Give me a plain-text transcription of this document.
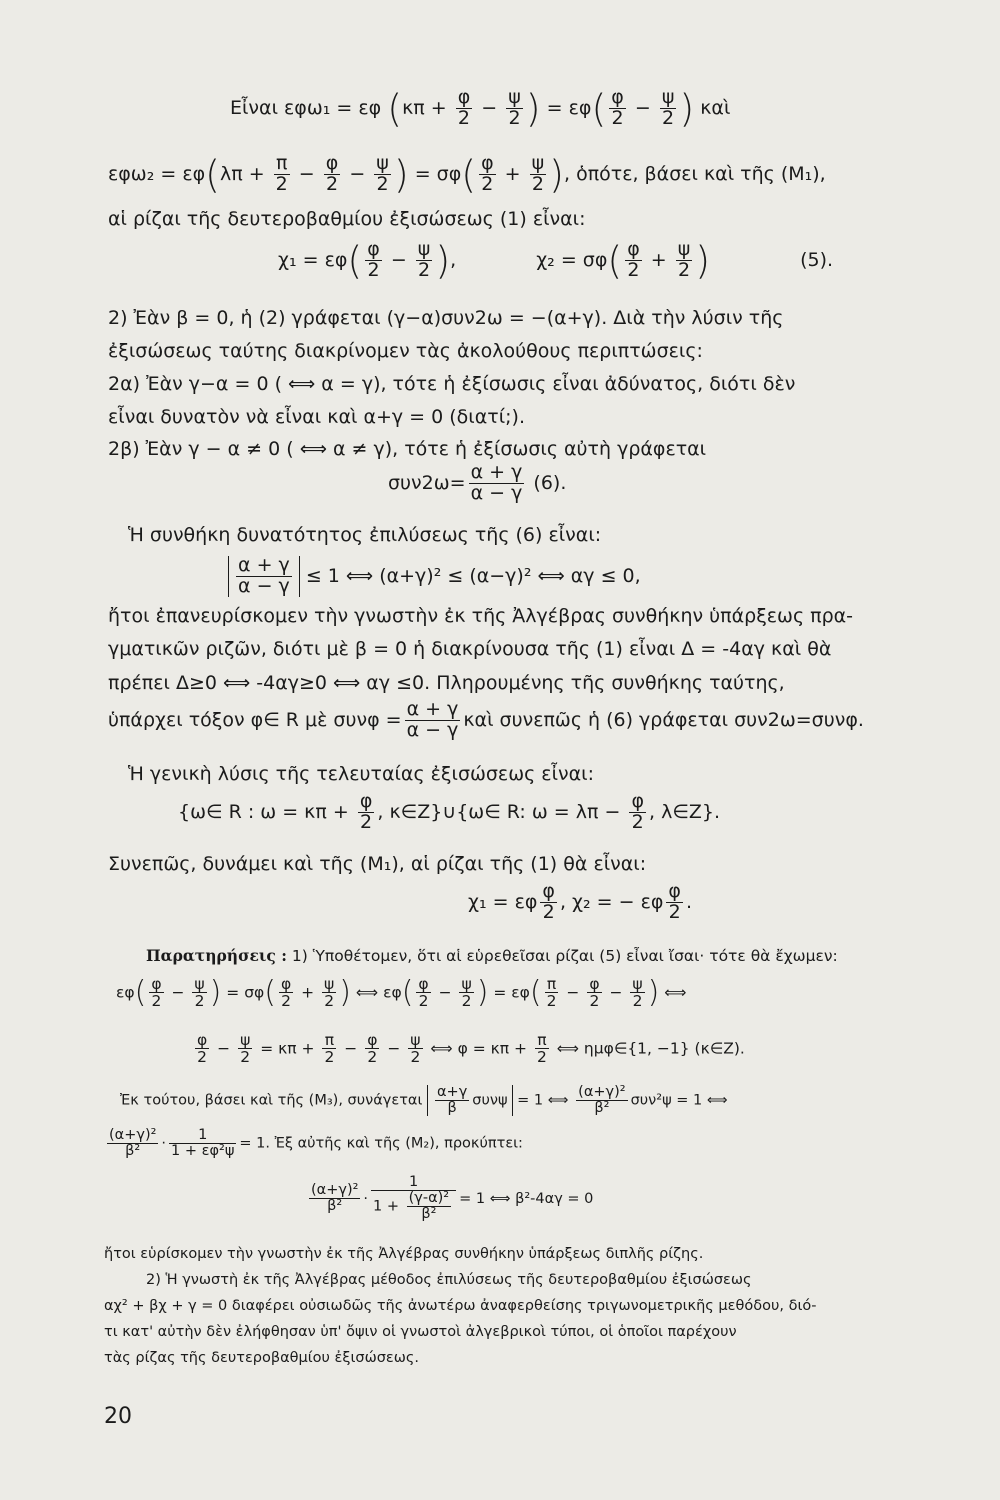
Εἶναι εφω₁ = εφ ($\kappa\pi + \frac{\varphi}{2} - \frac{\psi}{2}$ ) = $\varepsilon\varphi( \frac{\varphi}{2} - \frac{\psi}{2}$ ) καὶ
$\varepsilon\varphi\omega_2 = \varepsilon\varphi(\lambda\pi + \frac{\pi}{2} - \frac{\varphi}{2} - \frac{\psi}{2}$ ) = $\sigma\varphi( \frac{\varphi}{2} + \frac{\psi}{2}$ ), ὁπότε, βάσει καὶ τῆς (M₁),
αἱ ρίζαι τῆς δευτεροβαθμίου ἐξισώσεως (1) εἶναι:
$\chi_1 = \varepsilon\varphi( \frac{\varphi}{2} - \frac{\psi}{2}$ ),	$\chi_2 = \sigma\varphi( \frac{\varphi}{2} + \frac{\psi}{2}$ )	(5).
2) Ἐὰν β = 0, ἡ (2) γράφεται (γ−α)συν2ω = −(α+γ). Διὰ τὴν λύσιν τῆς
ἐξισώσεως ταύτης διακρίνομεν τὰς ἀκολούθους περιπτώσεις:
2α) Ἐὰν γ−α = 0 ( ⟺ α = γ), τότε ἡ ἐξίσωσις εἶναι ἀδύνατος, διότι δὲν
εἶναι δυνατὸν νὰ εἶναι καὶ α+γ = 0 (διατί;).
2β) Ἐὰν γ − α ≠ 0 ( ⟺ α ≠ γ), τότε ἡ ἐξίσωσις αὐτὴ γράφεται
$\sigma\upsilon\nu 2\omega= \frac{\alpha + \gamma}{\alpha - \gamma} (6)$.
Ἡ συνθήκη δυνατότητος ἐπιλύσεως τῆς (6) εἶναι:
$\frac{\alpha + \gamma}{\alpha - \gamma} \le 1$ ⟺ (α+γ)² ≤ (α−γ)² ⟺ αγ ≤ 0,
ἤτοι ἐπανευρίσκομεν τὴν γνωστὴν ἐκ τῆς Ἀλγέβρας συνθήκην ὑπάρξεως πρα-
γματικῶν ριζῶν, διότι μὲ β = 0 ἡ διακρίνουσα τῆς (1) εἶναι Δ = -4αγ καὶ θὰ
πρέπει Δ≥0 ⟺ -4αγ≥0 ⟺ αγ ≤0. Πληρουμένης τῆς συνθήκης ταύτης,
ὑπάρχει τόξον φ∈ R μὲ $\sigma\upsilon\nu\varphi = \frac{\alpha + \gamma}{\alpha - \gamma}$ καὶ συνεπῶς ἡ (6) γράφεται συν2ω=συνφ.
Ἡ γενικὴ λύσις τῆς τελευταίας ἐξισώσεως εἶναι:
{ω∈ R : $\omega = \kappa\pi + \frac{\varphi}{2}$ , κ∈Z}∪{ω∈ R: $\omega = \lambda\pi - \frac{\varphi}{2}$ , λ∈Z}.
Συνεπῶς, δυνάμει καὶ τῆς (M₁), αἱ ρίζαι τῆς (1) θὰ εἶναι:
χ₁ = εφ $\frac{\varphi}{2}$ , χ₂ = − εφ $\frac{\varphi}{2}$ .
Παρατηρήσεις : 1) Ὑποθέτομεν, ὅτι αἱ εὑρεθεῖσαι ρίζαι (5) εἶναι ἴσαι· τότε θὰ ἔχωμεν:
$\varepsilon\varphi( \frac{\varphi}{2} - \frac{\psi}{2}$ ) = $\sigma\varphi( \frac{\varphi}{2} + \frac{\psi}{2}$ ) ⟺ $\varepsilon\varphi( \frac{\varphi}{2} - \frac{\psi}{2}$ ) = $\varepsilon\varphi( \frac{\pi}{2} - \frac{\varphi}{2} - \frac{\psi}{2}$ ) ⟺
$\frac{\varphi}{2} - \frac{\psi}{2} = \kappa\pi + \frac{\pi}{2} - \frac{\varphi}{2} - \frac{\psi}{2}$ ⟺ $\varphi = \kappa\pi + \frac{\pi}{2}$ ⟺ ημφ∈{1, −1} (κ∈Z).
Ἐκ τούτου, βάσει καὶ τῆς (M₃), συνάγεται $\frac{\alpha+\gamma}{\beta}$ συνψ = 1 ⟺ $\frac{\text{(α+γ)²}}{\text{β²}} \sigma\upsilon\nu^2\psi = 1$ ⟺
$\frac{\text{(α+γ)²}}{\text{β²}} \cdot \frac{1}{\text{1 + εφ²ψ}} = 1$. Ἐξ αὐτῆς καὶ τῆς (M₂), προκύπτει:
$\frac{\text{(α+γ)²}}{\text{β²}} \cdot \frac{1}{1 + \frac{\text{(γ-α)²}}{\text{β²}}} = 1$ ⟺ β²-4αγ = 0
ἤτοι εὑρίσκομεν τὴν γνωστὴν ἐκ τῆς Ἀλγέβρας συνθήκην ὑπάρξεως διπλῆς ρίζης.
2) Ἡ γνωστὴ ἐκ τῆς Ἀλγέβρας μέθοδος ἐπιλύσεως τῆς δευτεροβαθμίου ἐξισώσεως
αχ² + βχ + γ = 0 διαφέρει οὐσιωδῶς τῆς ἀνωτέρω ἀναφερθείσης τριγωνομετρικῆς μεθόδου, διό-
τι κατ' αὐτὴν δὲν ἐλήφθησαν ὑπ' ὄψιν οἱ γνωστοὶ ἀλγεβρικοὶ τύποι, οἱ ὁποῖοι παρέχουν
τὰς ρίζας τῆς δευτεροβαθμίου ἐξισώσεως.
20
